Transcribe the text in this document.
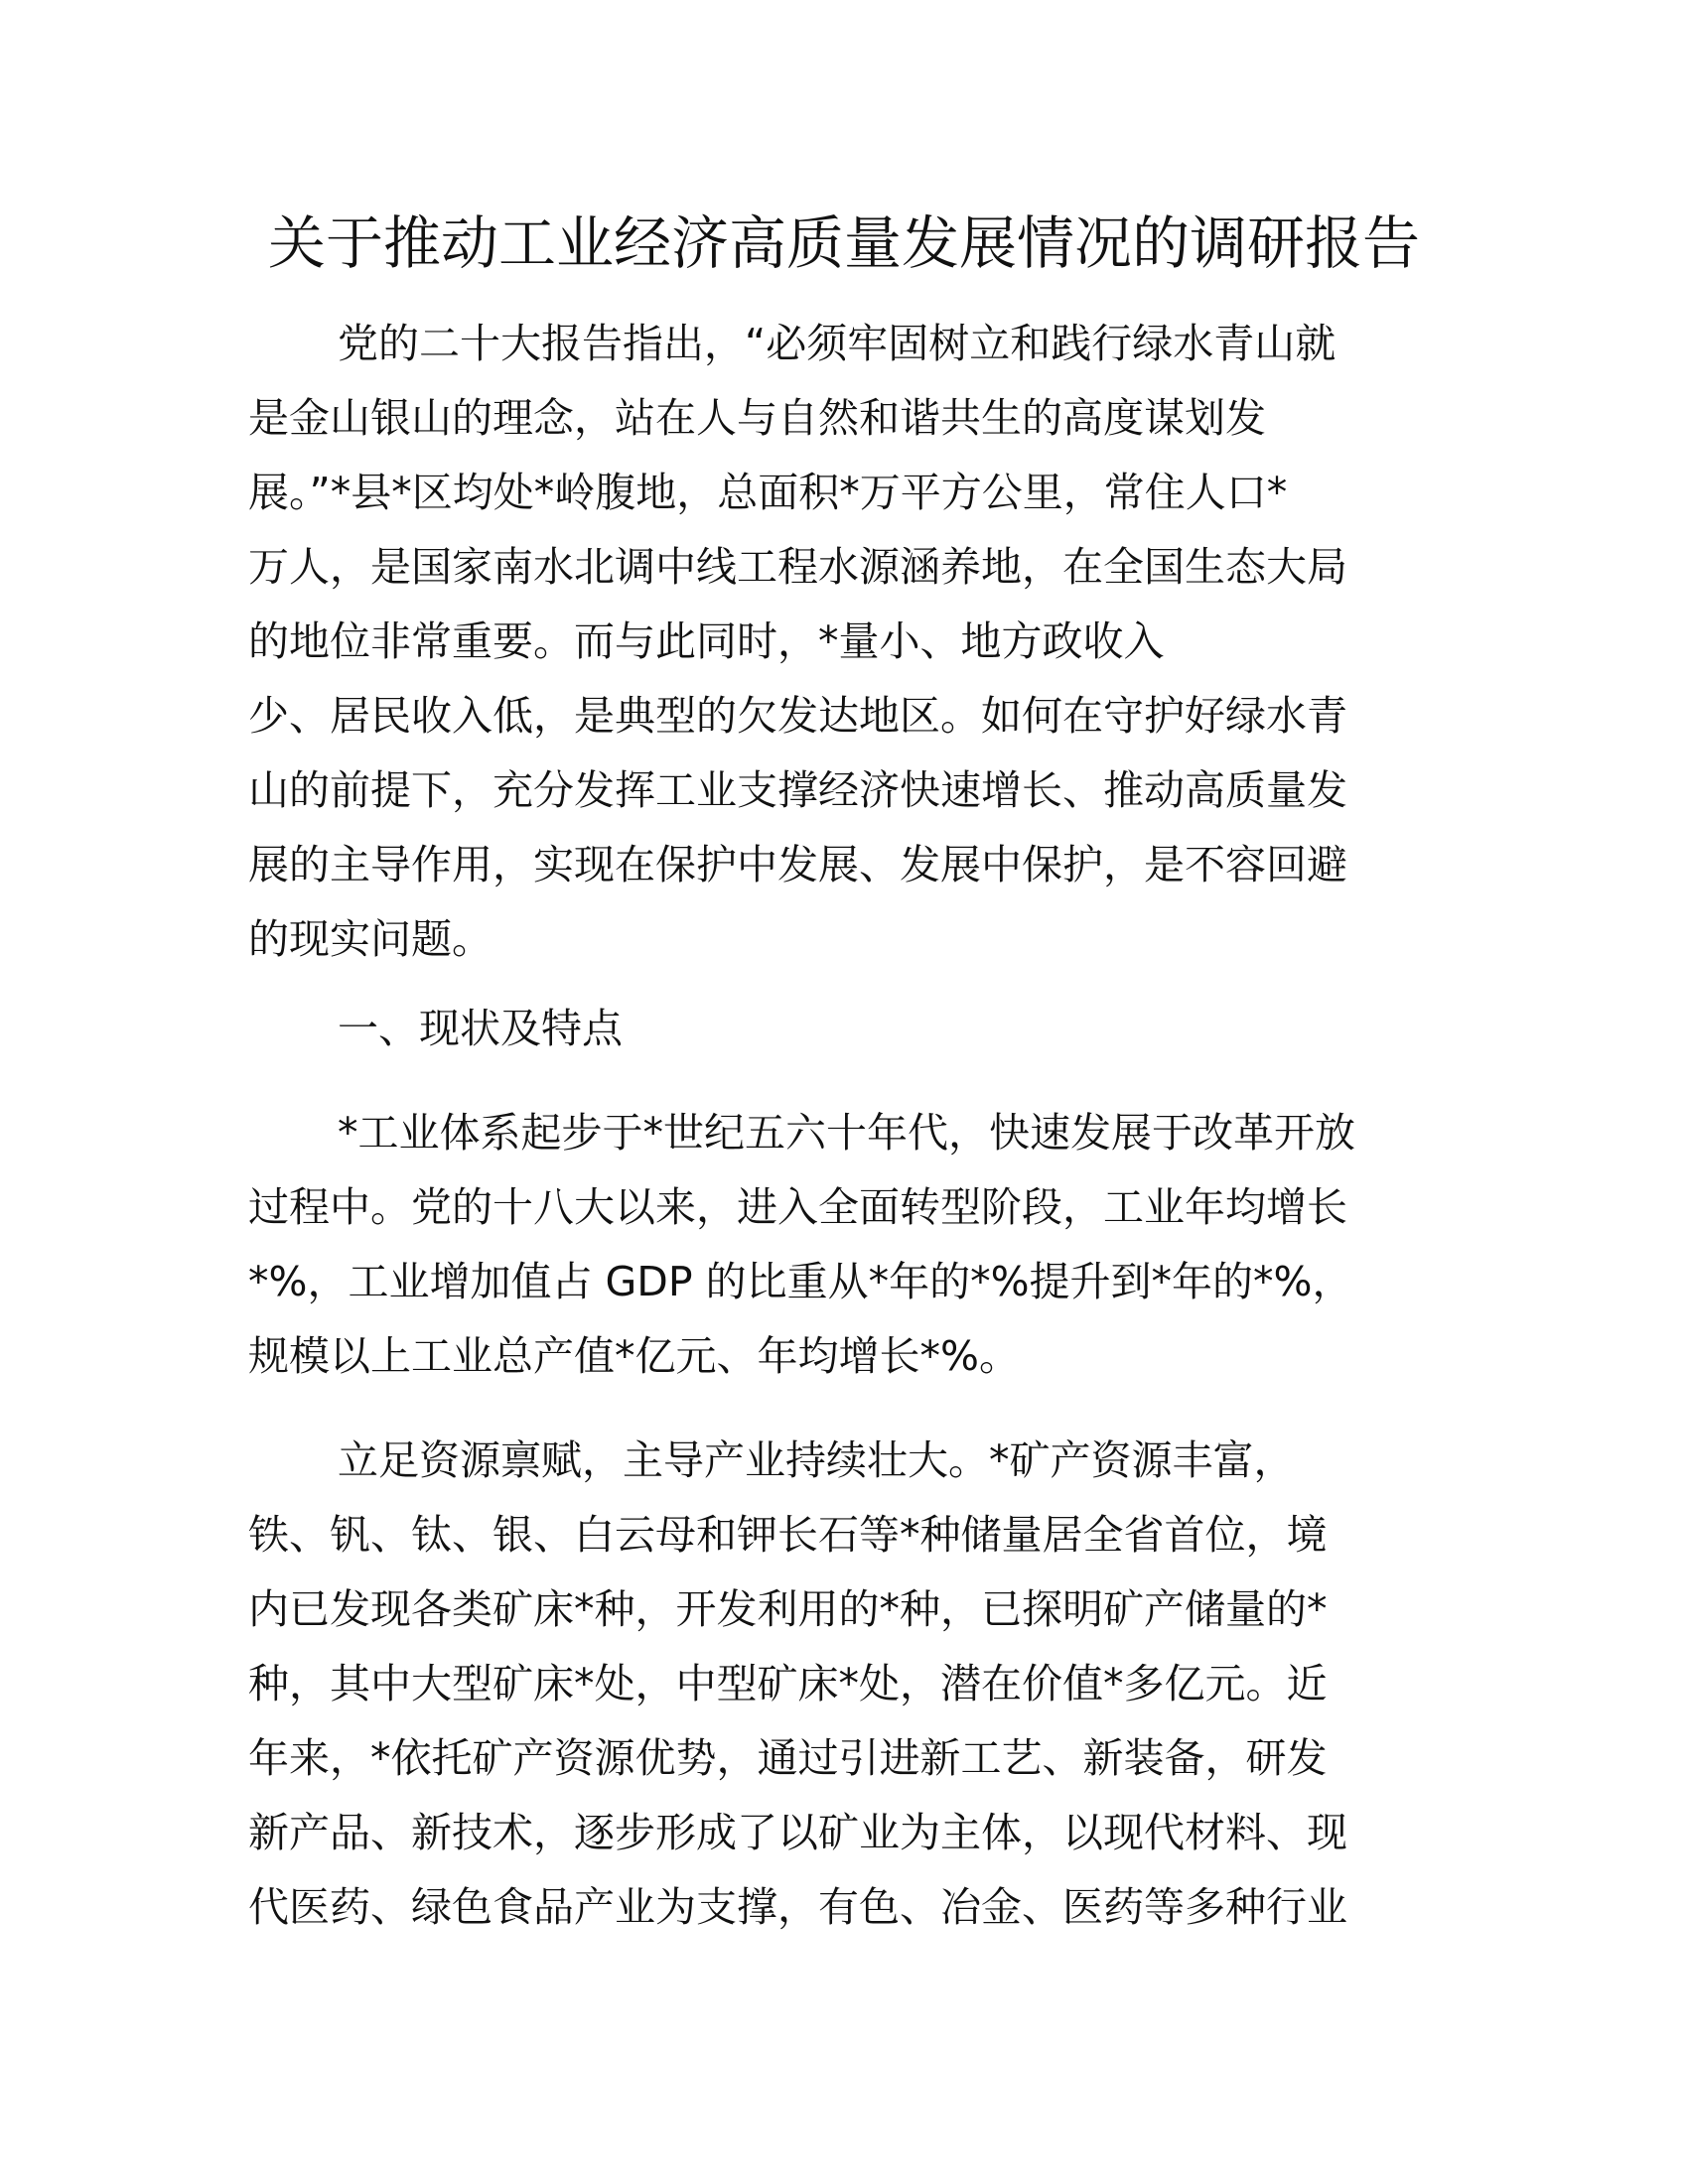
关于推动工业经济高质量发展情况的调研报告

党的二十大报告指出，“必须牢固树立和践行绿水青山就

是金山银山的理念，站在人与自然和谐共生的高度谋划发

展。”*县*区均处*岭腹地，总面积*万平方公里，常住人口*

万人，是国家南水北调中线工程水源涵养地，在全国生态大局

的地位非常重要。而与此同时，*量小、地方政收入

少、居民收入低，是典型的欠发达地区。如何在守护好绿水青

山的前提下，充分发挥工业支撑经济快速增长、推动高质量发

展的主导作用，实现在保护中发展、发展中保护，是不容回避

的现实问题。

一、现状及特点

*工业体系起步于*世纪五六十年代，快速发展于改革开放

过程中。党的十八大以来，进入全面转型阶段，工业年均增长

*%，工业增加值占 GDP 的比重从*年的*%提升到*年的*%，

规模以上工业总产值*亿元、年均增长*%。

立足资源禀赋，主导产业持续壮大。*矿产资源丰富，

铁、钒、钛、银、白云母和钾长石等*种储量居全省首位，境

内已发现各类矿床*种，开发利用的*种，已探明矿产储量的*

种，其中大型矿床*处，中型矿床*处，潜在价值*多亿元。近

年来，*依托矿产资源优势，通过引进新工艺、新装备，研发

新产品、新技术，逐步形成了以矿业为主体，以现代材料、现

代医药、绿色食品产业为支撑，有色、冶金、医药等多种行业
